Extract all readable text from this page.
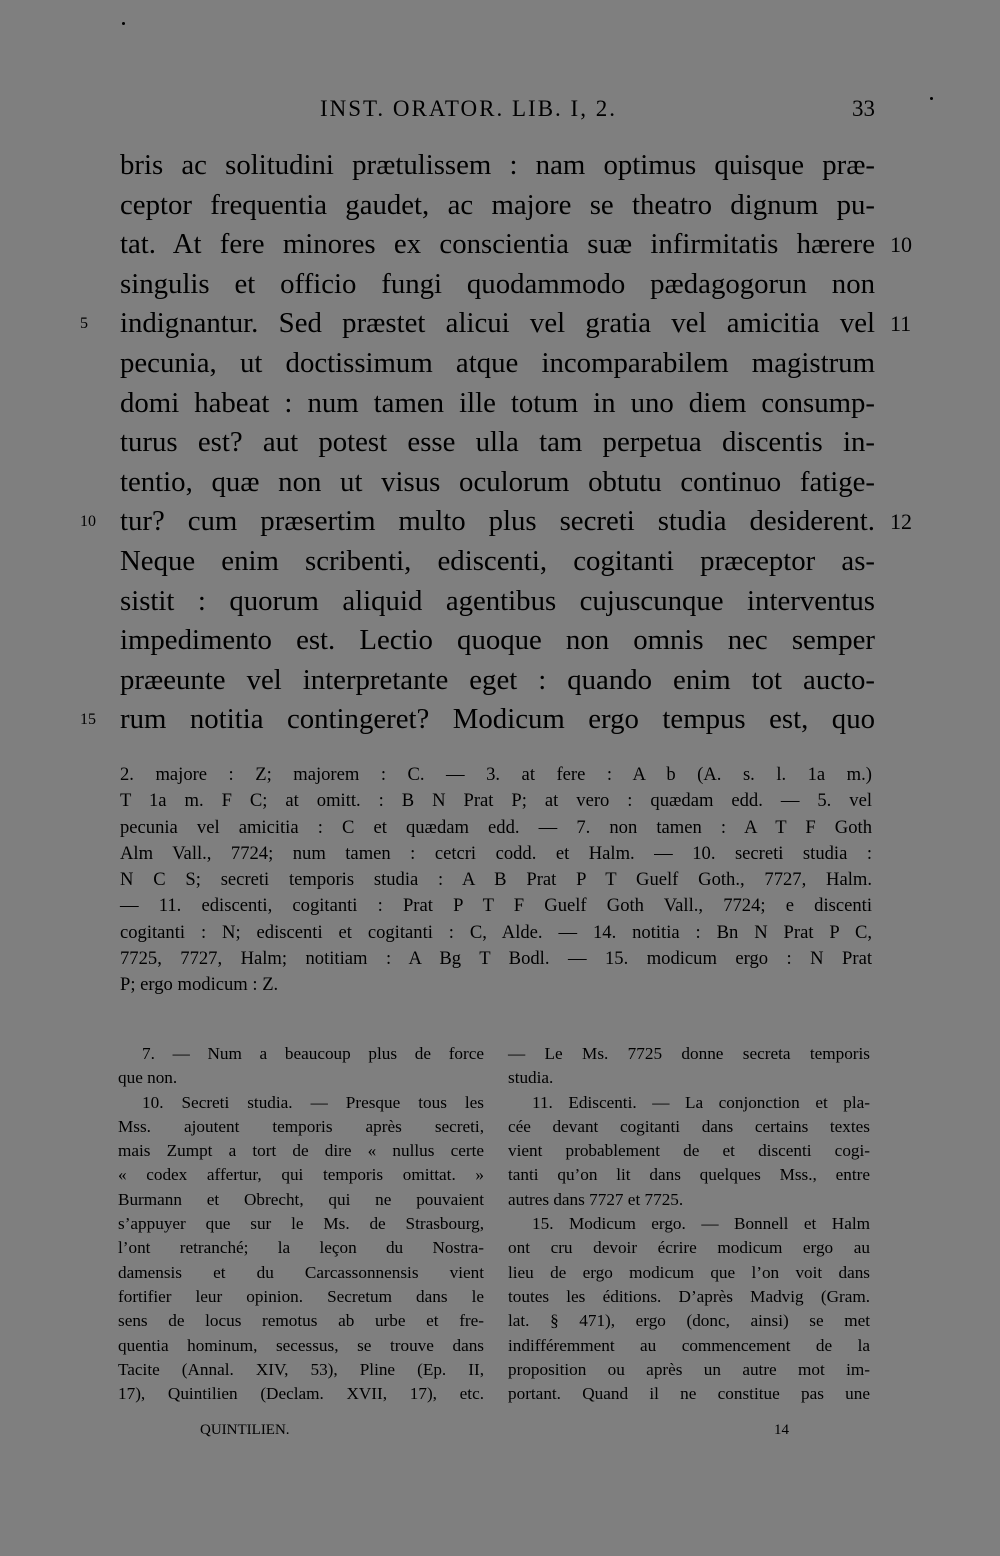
INST. ORATOR. LIB. I, 2.	33
bris ac solitudini prætulissem : nam optimus quisque præ-
ceptor frequentia gaudet, ac majore se theatro dignum pu-
tat. At fere minores ex conscientia suæ infirmitatis hærere 10
singulis et officio fungi quodammodo pædagogorun non
5	indignantur. Sed præstet alicui vel gratia vel amicitia vel 11
pecunia, ut doctissimum atque incomparabilem magistrum
domi habeat : num tamen ille totum in uno diem consump-
turus est? aut potest esse ulla tam perpetua discentis in-
tentio, quæ non ut visus oculorum obtutu continuo fatige-
10 tur? cum præsertim multo plus secreti studia desiderent. 12
Neque enim scribenti, ediscenti, cogitanti præceptor as-
sistit : quorum aliquid agentibus cujuscunque interventus
impedimento est. Lectio quoque non omnis nec semper
præeunte vel interpretante eget : quando enim tot aucto-
15 rum notitia contingeret? Modicum ergo tempus est, quo
2. majore : Z; majorem : C. — 3. at fere : A b (A. s. l. 1a m.)
T 1a m. F C; at omitt. : B N Prat P; at vero : quædam edd. — 5. vel
pecunia vel amicitia : C et quædam edd. — 7. non tamen : A T F Goth
Alm Vall., 7724; num tamen : cetcri codd. et Halm. — 10. secreti studia :
N C S; secreti temporis studia : A B Prat P T Guelf Goth., 7727, Halm.
— 11. ediscenti, cogitanti : Prat P T F Guelf Goth Vall., 7724; e discenti
cogitanti : N; ediscenti et cogitanti : C, Alde. — 14. notitia : Bn N Prat P C,
7725, 7727, Halm; notitiam : A Bg T Bodl. — 15. modicum ergo : N Prat
P; ergo modicum : Z.
7. — Num a beaucoup plus de force
que non.
10. Secreti studia. — Presque tous les
Mss. ajoutent temporis après secreti,
mais Zumpt a tort de dire « nullus certe
« codex affertur, qui temporis omittat. »
Burmann et Obrecht, qui ne pouvaient
s’appuyer que sur le Ms. de Strasbourg,
l’ont retranché; la leçon du Nostra-
damensis et du Carcassonnensis vient
fortifier leur opinion. Secretum dans le
sens de locus remotus ab urbe et fre-
quentia hominum, secessus, se trouve dans
Tacite (Annal. XIV, 53), Pline (Ep. II,
17), Quintilien (Declam. XVII, 17), etc.
— Le Ms. 7725 donne secreta temporis
studia.
11. Ediscenti. — La conjonction et pla-
cée devant cogitanti dans certains textes
vient probablement de et discenti cogi-
tanti qu’on lit dans quelques Mss., entre
autres dans 7727 et 7725.
15. Modicum ergo. — Bonnell et Halm
ont cru devoir écrire modicum ergo au
lieu de ergo modicum que l’on voit dans
toutes les éditions. D’après Madvig (Gram.
lat. § 471), ergo (donc, ainsi) se met
indifféremment au commencement de la
proposition ou après un autre mot im-
portant. Quand il ne constitue pas une
QUINTILIEN.	14
